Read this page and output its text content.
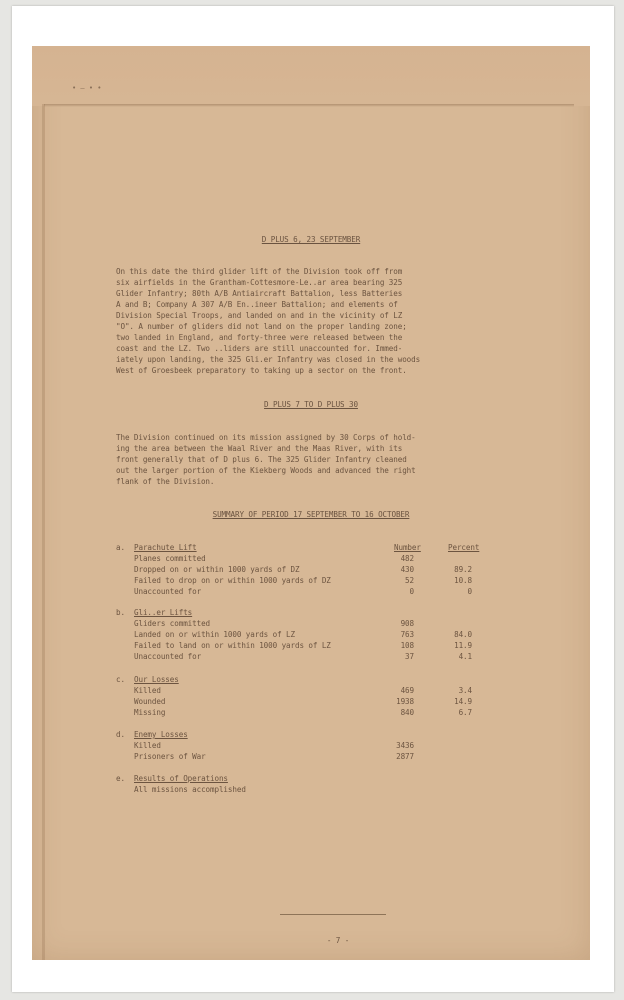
• — • •
D PLUS 6, 23 SEPTEMBER
On this date the third glider lift of the Division took off from
six airfields in the Grantham-Cottesmore-Le..ar area bearing 325
Glider Infantry; 80th A/B Antiaircraft Battalion, less Batteries
A and B; Company A 307 A/B En..ineer Battalion; and elements of
Division Special Troops, and landed on and in the vicinity of LZ
"O". A number of gliders did not land on the proper landing zone;
two landed in England, and forty-three were released between the
coast and the LZ. Two ..liders are still unaccounted for. Immed-
iately upon landing, the 325 Gli.er Infantry was closed in the woods
West of Groesbeek preparatory to taking up a sector on the front.
D PLUS 7 TO D PLUS 30
The Division continued on its mission assigned by 30 Corps of hold-
ing the area between the Waal River and the Maas River, with its
front generally that of D plus 6. The 325 Glider Infantry cleaned
out the larger portion of the Kiekberg Woods and advanced the right
flank of the Division.
SUMMARY OF PERIOD 17 SEPTEMBER TO 16 OCTOBER
Number	Percent
a. Parachute Lift
Planes committed	482
Dropped on or within 1000 yards of DZ	430	89.2
Failed to drop on or within 1000 yards of DZ	52	10.8
Unaccounted for	0	0
b. Gli..er Lifts
Gliders committed	908
Landed on or within 1000 yards of LZ	763	84.0
Failed to land on or within 1000 yards of LZ	108	11.9
Unaccounted for	37	4.1
c. Our Losses
Killed	469	3.4
Wounded	1938	14.9
Missing	840	6.7
d. Enemy Losses
Killed	3436
Prisoners of War	2877
e. Results of Operations
All missions accomplished
- 7 -
